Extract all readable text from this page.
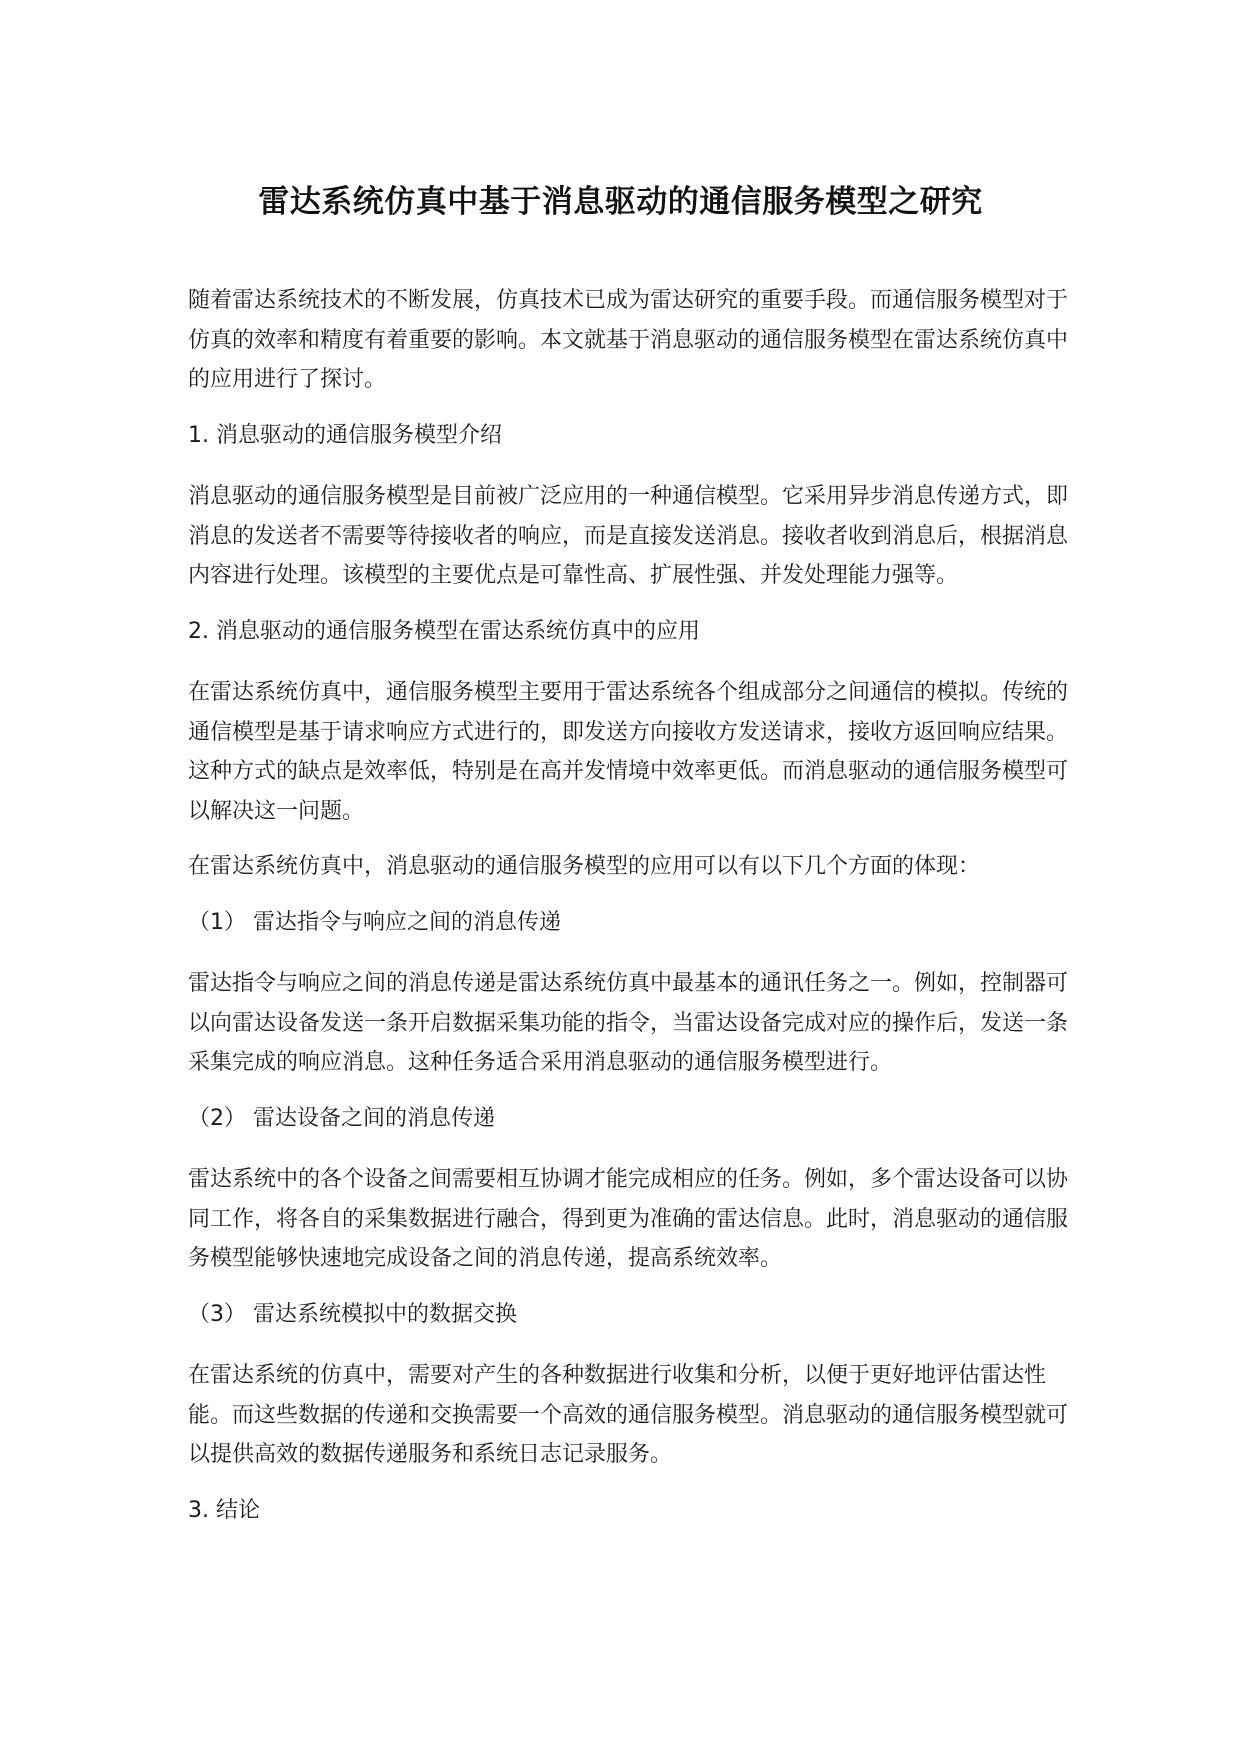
雷达系统仿真中基于消息驱动的通信服务模型之研究

随着雷达系统技术的不断发展，仿真技术已成为雷达研究的重要手段。而通信服务模型对于仿真的效率和精度有着重要的影响。本文就基于消息驱动的通信服务模型在雷达系统仿真中的应用进行了探讨。

1. 消息驱动的通信服务模型介绍

消息驱动的通信服务模型是目前被广泛应用的一种通信模型。它采用异步消息传递方式，即消息的发送者不需要等待接收者的响应，而是直接发送消息。接收者收到消息后，根据消息内容进行处理。该模型的主要优点是可靠性高、扩展性强、并发处理能力强等。

2. 消息驱动的通信服务模型在雷达系统仿真中的应用

在雷达系统仿真中，通信服务模型主要用于雷达系统各个组成部分之间通信的模拟。传统的通信模型是基于请求响应方式进行的，即发送方向接收方发送请求，接收方返回响应结果。这种方式的缺点是效率低，特别是在高并发情境中效率更低。而消息驱动的通信服务模型可以解决这一问题。

在雷达系统仿真中，消息驱动的通信服务模型的应用可以有以下几个方面的体现：

（1） 雷达指令与响应之间的消息传递

雷达指令与响应之间的消息传递是雷达系统仿真中最基本的通讯任务之一。例如，控制器可以向雷达设备发送一条开启数据采集功能的指令，当雷达设备完成对应的操作后，发送一条采集完成的响应消息。这种任务适合采用消息驱动的通信服务模型进行。

（2） 雷达设备之间的消息传递

雷达系统中的各个设备之间需要相互协调才能完成相应的任务。例如，多个雷达设备可以协同工作，将各自的采集数据进行融合，得到更为准确的雷达信息。此时，消息驱动的通信服务模型能够快速地完成设备之间的消息传递，提高系统效率。

（3） 雷达系统模拟中的数据交换

在雷达系统的仿真中，需要对产生的各种数据进行收集和分析，以便于更好地评估雷达性能。而这些数据的传递和交换需要一个高效的通信服务模型。消息驱动的通信服务模型就可以提供高效的数据传递服务和系统日志记录服务。

3. 结论
